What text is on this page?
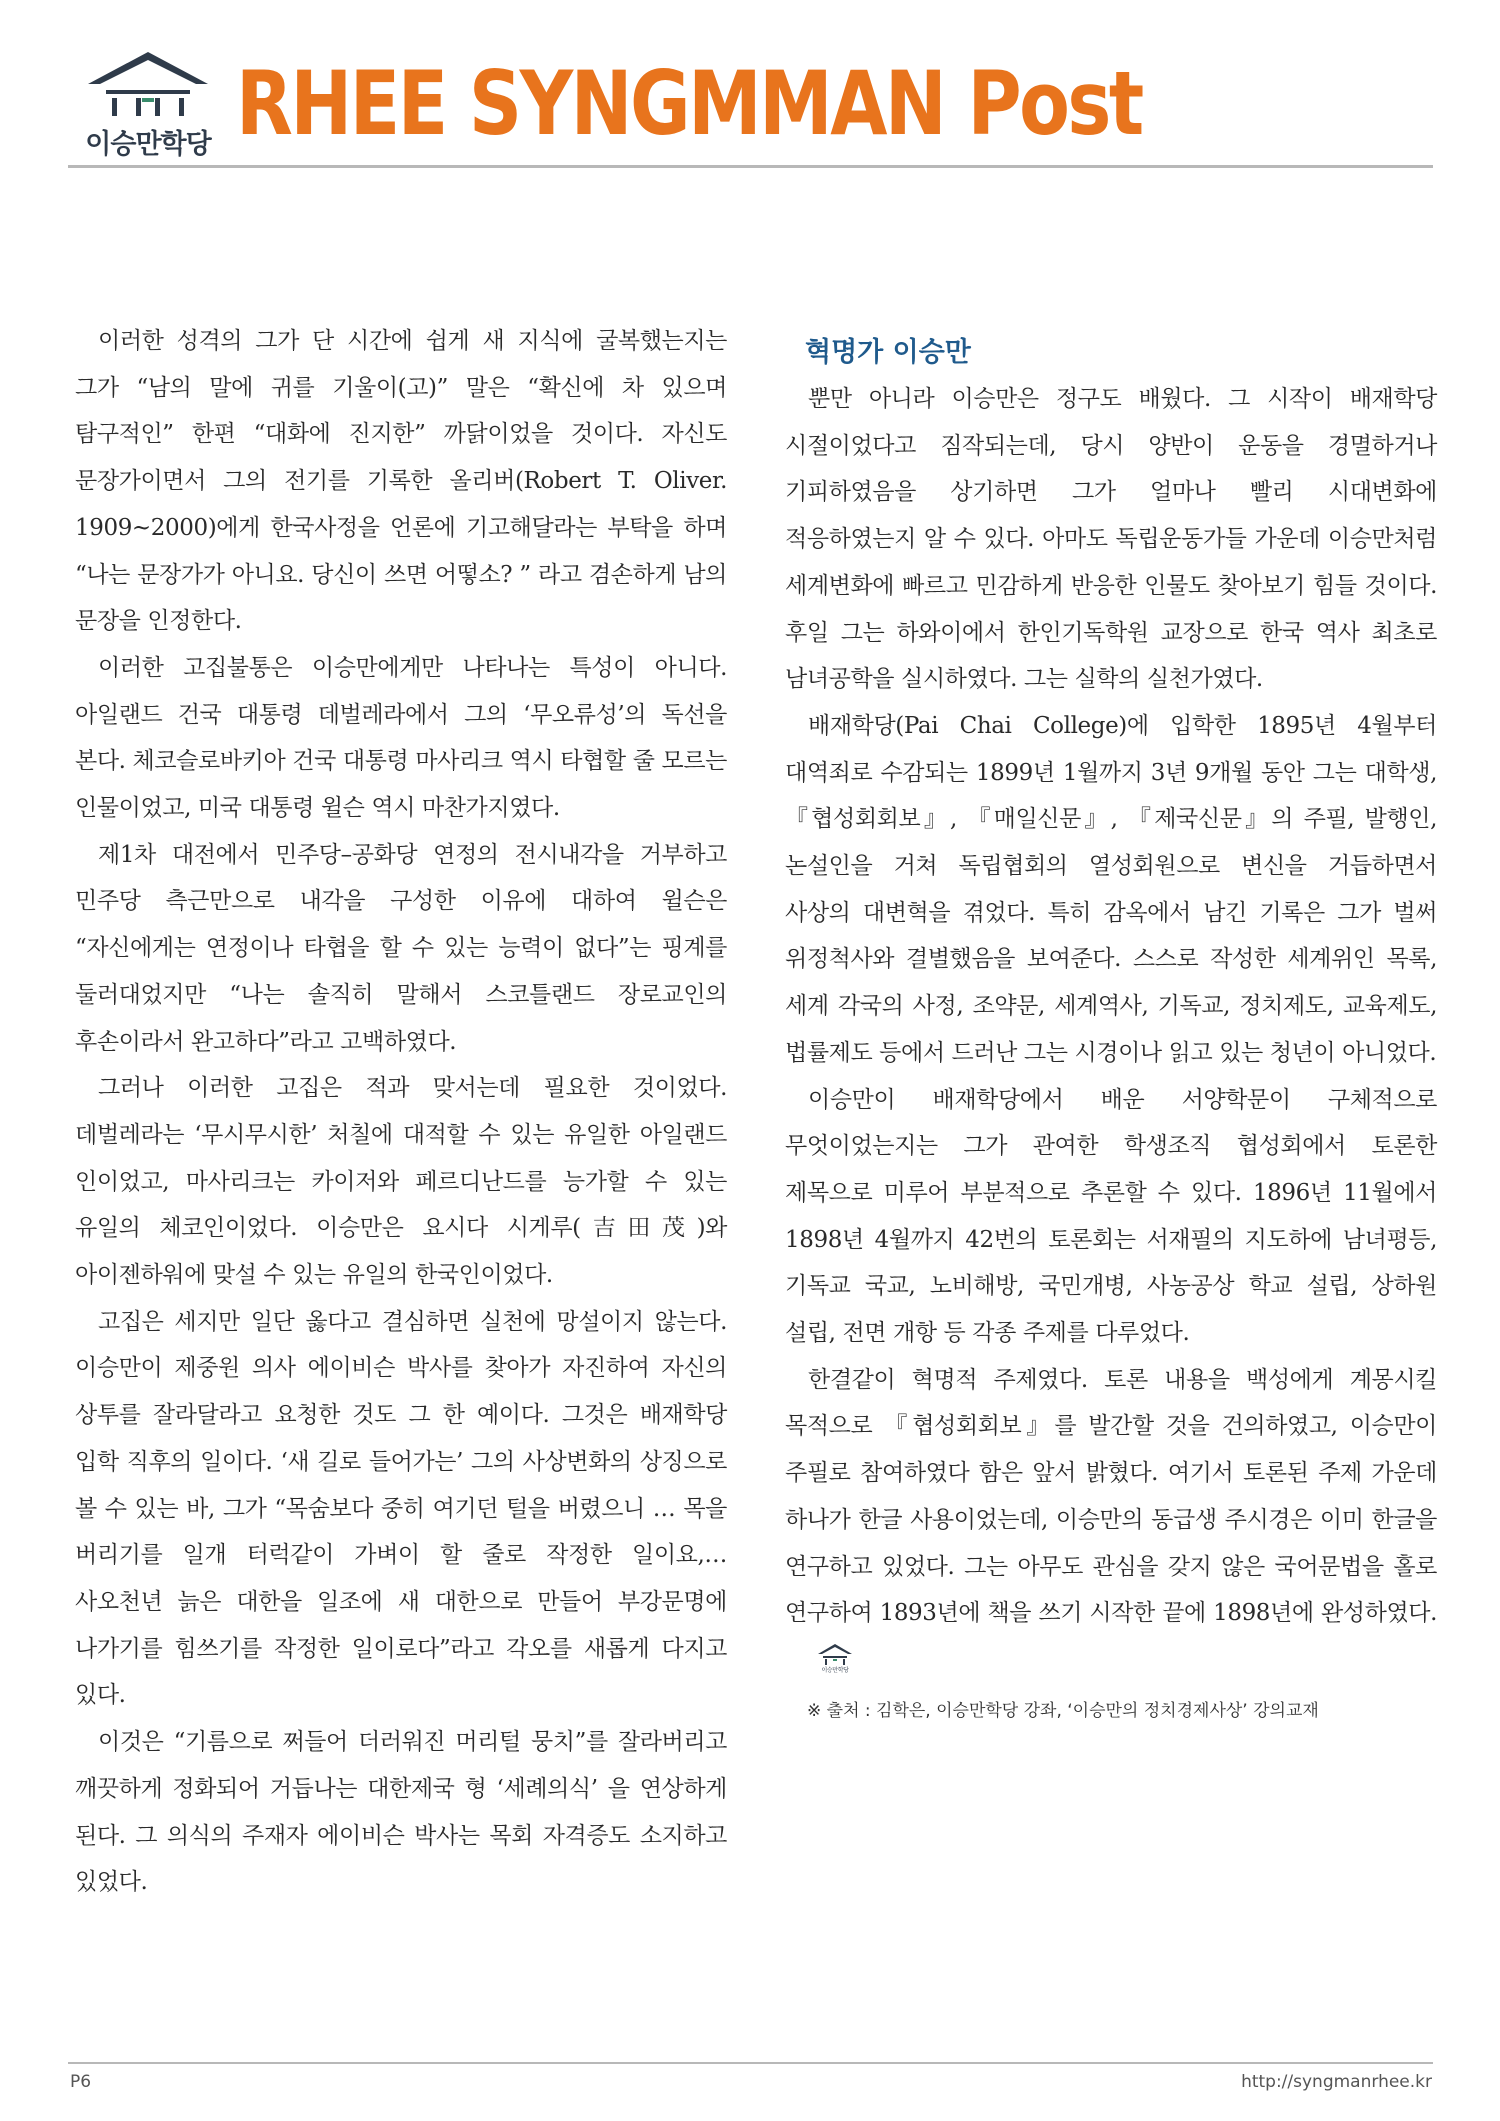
이승만학당 RHEE SYNGMMAN Post

이러한 성격의 그가 단 시간에 쉽게 새 지식에 굴복했는지는 그가 “남의 말에 귀를 기울이(고)” 말은 “확신에 차 있으며 탐구적인” 한편 “대화에 진지한” 까닭이었을 것이다. 자신도 문장가이면서 그의 전기를 기록한 올리버(Robert T. Oliver. 1909~2000)에게 한국사정을 언론에 기고해달라는 부탁을 하며 “나는 문장가가 아니요. 당신이 쓰면 어떻소? ” 라고 겸손하게 남의 문장을 인정한다.

이러한 고집불통은 이승만에게만 나타나는 특성이 아니다. 아일랜드 건국 대통령 데벌레라에서 그의 ‘무오류성’의 독선을 본다. 체코슬로바키아 건국 대통령 마사리크 역시 타협할 줄 모르는 인물이었고, 미국 대통령 윌슨 역시 마찬가지였다.

제1차 대전에서 민주당–공화당 연정의 전시내각을 거부하고 민주당 측근만으로 내각을 구성한 이유에 대하여 윌슨은 “자신에게는 연정이나 타협을 할 수 있는 능력이 없다”는 핑계를 둘러대었지만 “나는 솔직히 말해서 스코틀랜드 장로교인의 후손이라서 완고하다”라고 고백하였다.

그러나 이러한 고집은 적과 맞서는데 필요한 것이었다. 데벌레라는 ‘무시무시한’ 처칠에 대적할 수 있는 유일한 아일랜드 인이었고, 마사리크는 카이저와 페르디난드를 능가할 수 있는 유일의 체코인이었다. 이승만은 요시다 시게루(吉田茂)와 아이젠하워에 맞설 수 있는 유일의 한국인이었다.

고집은 세지만 일단 옳다고 결심하면 실천에 망설이지 않는다. 이승만이 제중원 의사 에이비슨 박사를 찾아가 자진하여 자신의 상투를 잘라달라고 요청한 것도 그 한 예이다. 그것은 배재학당 입학 직후의 일이다. ‘새 길로 들어가는’ 그의 사상변화의 상징으로 볼 수 있는 바, 그가 “목숨보다 중히 여기던 털을 버렸으니 … 목을 버리기를 일개 터럭같이 가벼이 할 줄로 작정한 일이요,… 사오천년 늙은 대한을 일조에 새 대한으로 만들어 부강문명에 나가기를 힘쓰기를 작정한 일이로다”라고 각오를 새롭게 다지고 있다.

이것은 “기름으로 쩌들어 더러워진 머리털 뭉치”를 잘라버리고 깨끗하게 정화되어 거듭나는 대한제국 형 ‘세례의식’ 을 연상하게 된다. 그 의식의 주재자 에이비슨 박사는 목회 자격증도 소지하고 있었다.

혁명가 이승만

뿐만 아니라 이승만은 정구도 배웠다. 그 시작이 배재학당 시절이었다고 짐작되는데, 당시 양반이 운동을 경멸하거나 기피하였음을 상기하면 그가 얼마나 빨리 시대변화에 적응하였는지 알 수 있다. 아마도 독립운동가들 가운데 이승만처럼 세계변화에 빠르고 민감하게 반응한 인물도 찾아보기 힘들 것이다. 후일 그는 하와이에서 한인기독학원 교장으로 한국 역사 최초로 남녀공학을 실시하였다. 그는 실학의 실천가였다.

배재학당(Pai Chai College)에 입학한 1895년 4월부터 대역죄로 수감되는 1899년 1월까지 3년 9개월 동안 그는 대학생, 『협성회회보』, 『매일신문』, 『제국신문』의 주필, 발행인, 논설인을 거쳐 독립협회의 열성회원으로 변신을 거듭하면서 사상의 대변혁을 겪었다. 특히 감옥에서 남긴 기록은 그가 벌써 위정척사와 결별했음을 보여준다. 스스로 작성한 세계위인 목록, 세계 각국의 사정, 조약문, 세계역사, 기독교, 정치제도, 교육제도, 법률제도 등에서 드러난 그는 시경이나 읽고 있는 청년이 아니었다.

이승만이 배재학당에서 배운 서양학문이 구체적으로 무엇이었는지는 그가 관여한 학생조직 협성회에서 토론한 제목으로 미루어 부분적으로 추론할 수 있다. 1896년 11월에서 1898년 4월까지 42번의 토론회는 서재필의 지도하에 남녀평등, 기독교 국교, 노비해방, 국민개병, 사농공상 학교 설립, 상하원 설립, 전면 개항 등 각종 주제를 다루었다.

한결같이 혁명적 주제였다. 토론 내용을 백성에게 계몽시킬 목적으로 『협성회회보』를 발간할 것을 건의하였고, 이승만이 주필로 참여하였다 함은 앞서 밝혔다. 여기서 토론된 주제 가운데 하나가 한글 사용이었는데, 이승만의 동급생 주시경은 이미 한글을 연구하고 있었다. 그는 아무도 관심을 갖지 않은 국어문법을 홀로 연구하여 1893년에 책을 쓰기 시작한 끝에 1898년에 완성하였다.
이승만학당

※ 출처 : 김학은, 이승만학당 강좌, ‘이승만의 정치경제사상’ 강의교재
P6	http://syngmanrhee.kr
